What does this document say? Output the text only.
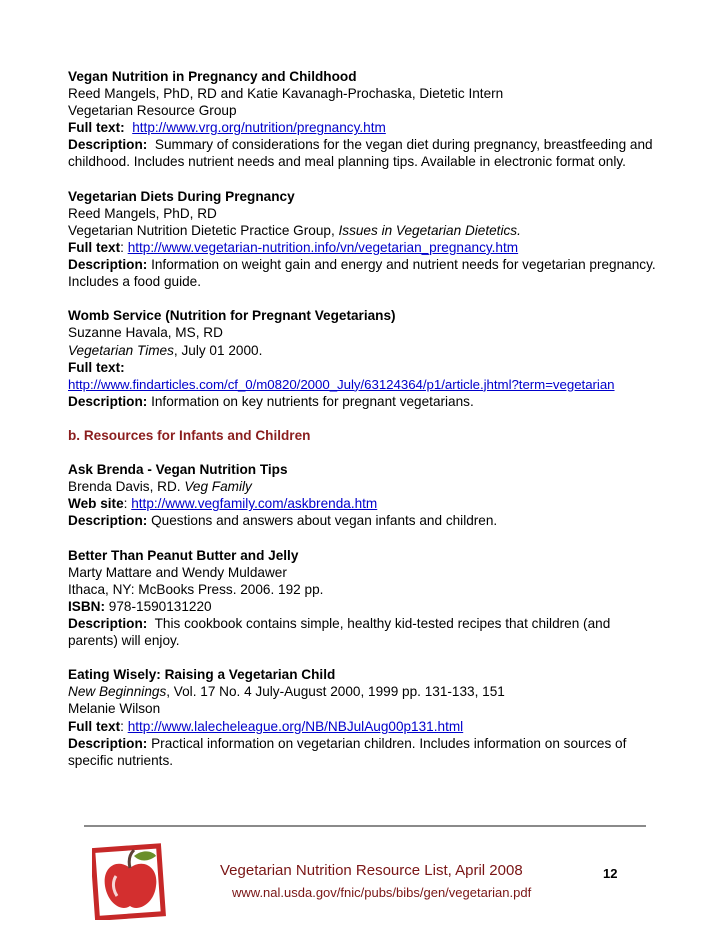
Vegan Nutrition in Pregnancy and Childhood
Reed Mangels, PhD, RD and Katie Kavanagh-Prochaska, Dietetic Intern
Vegetarian Resource Group
Full text: http://www.vrg.org/nutrition/pregnancy.htm
Description: Summary of considerations for the vegan diet during pregnancy, breastfeeding and childhood. Includes nutrient needs and meal planning tips. Available in electronic format only.
Vegetarian Diets During Pregnancy
Reed Mangels, PhD, RD
Vegetarian Nutrition Dietetic Practice Group, Issues in Vegetarian Dietetics.
Full text: http://www.vegetarian-nutrition.info/vn/vegetarian_pregnancy.htm
Description: Information on weight gain and energy and nutrient needs for vegetarian pregnancy. Includes a food guide.
Womb Service (Nutrition for Pregnant Vegetarians)
Suzanne Havala, MS, RD
Vegetarian Times, July 01 2000.
Full text:
http://www.findarticles.com/cf_0/m0820/2000_July/63124364/p1/article.jhtml?term=vegetarian
Description: Information on key nutrients for pregnant vegetarians.
b. Resources for Infants and Children
Ask Brenda - Vegan Nutrition Tips
Brenda Davis, RD. Veg Family
Web site: http://www.vegfamily.com/askbrenda.htm
Description: Questions and answers about vegan infants and children.
Better Than Peanut Butter and Jelly
Marty Mattare and Wendy Muldawer
Ithaca, NY: McBooks Press. 2006. 192 pp.
ISBN: 978-1590131220
Description: This cookbook contains simple, healthy kid-tested recipes that children (and parents) will enjoy.
Eating Wisely: Raising a Vegetarian Child
New Beginnings, Vol. 17 No. 4 July-August 2000, 1999 pp. 131-133, 151
Melanie Wilson
Full text: http://www.lalecheleague.org/NB/NBJulAug00p131.html
Description: Practical information on vegetarian children. Includes information on sources of specific nutrients.
Vegetarian Nutrition Resource List, April 2008
www.nal.usda.gov/fnic/pubs/bibs/gen/vegetarian.pdf
12
